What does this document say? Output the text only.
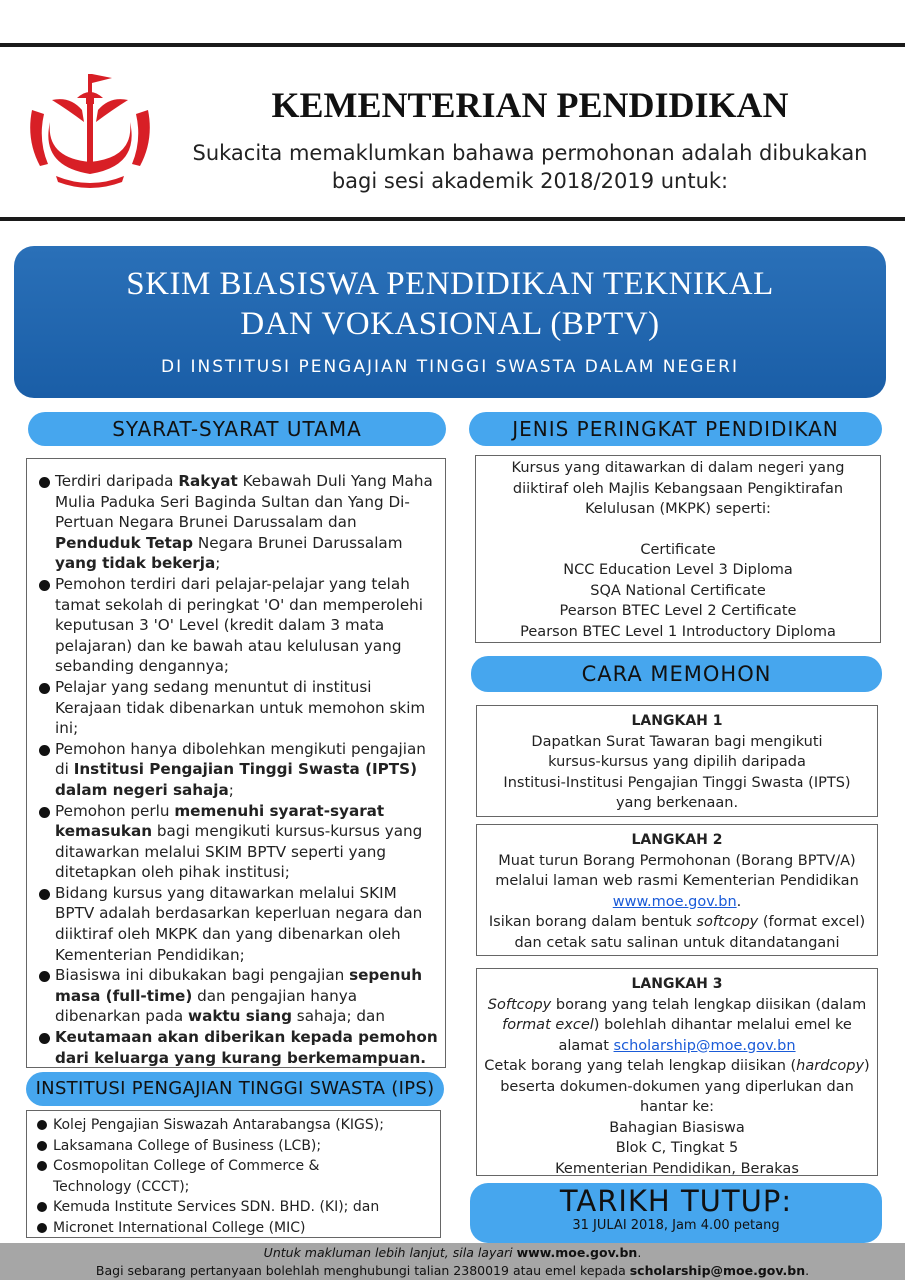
KEMENTERIAN PENDIDIKAN
Sukacita memaklumkan bahawa permohonan adalah dibukakan
bagi sesi akademik 2018/2019 untuk:
SKIM BIASISWA PENDIDIKAN TEKNIKAL
DAN VOKASIONAL (BPTV)
DI INSTITUSI PENGAJIAN TINGGI SWASTA DALAM NEGERI
SYARAT-SYARAT UTAMA
Terdiri daripada Rakyat Kebawah Duli Yang Maha Mulia Paduka Seri Baginda Sultan dan Yang Di-Pertuan Negara Brunei Darussalam dan Penduduk Tetap Negara Brunei Darussalam yang tidak bekerja;
Pemohon terdiri dari pelajar-pelajar yang telah tamat sekolah di peringkat 'O' dan memperolehi keputusan 3 'O' Level (kredit dalam 3 mata pelajaran) dan ke bawah atau kelulusan yang sebanding dengannya;
Pelajar yang sedang menuntut di institusi Kerajaan tidak dibenarkan untuk memohon skim ini;
Pemohon hanya dibolehkan mengikuti pengajian di Institusi Pengajian Tinggi Swasta (IPTS) dalam negeri sahaja;
Pemohon perlu memenuhi syarat-syarat kemasukan bagi mengikuti kursus-kursus yang ditawarkan melalui SKIM BPTV seperti yang ditetapkan oleh pihak institusi;
Bidang kursus yang ditawarkan melalui SKIM BPTV adalah berdasarkan keperluan negara dan diiktiraf oleh MKPK dan yang dibenarkan oleh Kementerian Pendidikan;
Biasiswa ini dibukakan bagi pengajian sepenuh masa (full-time) dan pengajian hanya dibenarkan pada waktu siang sahaja; dan
Keutamaan akan diberikan kepada pemohon dari keluarga yang kurang berkemampuan.
JENIS PERINGKAT PENDIDIKAN
Kursus yang ditawarkan di dalam negeri yang
diiktiraf oleh Majlis Kebangsaan Pengiktirafan
Kelulusan (MKPK) seperti:
Certificate
NCC Education Level 3 Diploma
SQA National Certificate
Pearson BTEC Level 2 Certificate
Pearson BTEC Level 1 Introductory Diploma
CARA MEMOHON
LANGKAH 1
Dapatkan Surat Tawaran bagi mengikuti
kursus-kursus yang dipilih daripada
Institusi-Institusi Pengajian Tinggi Swasta (IPTS)
yang berkenaan.
LANGKAH 2
Muat turun Borang Permohonan (Borang BPTV/A)
melalui laman web rasmi Kementerian Pendidikan
www.moe.gov.bn.
Isikan borang dalam bentuk softcopy (format excel)
dan cetak satu salinan untuk ditandatangani
LANGKAH 3
Softcopy borang yang telah lengkap diisikan (dalam
format excel) bolehlah dihantar melalui emel ke
alamat scholarship@moe.gov.bn
Cetak borang yang telah lengkap diisikan (hardcopy)
beserta dokumen-dokumen yang diperlukan dan
hantar ke:
Bahagian Biasiswa
Blok C, Tingkat 5
Kementerian Pendidikan, Berakas
INSTITUSI PENGAJIAN TINGGI SWASTA (IPS)
Kolej Pengajian Siswazah Antarabangsa (KIGS);
Laksamana College of Business (LCB);
Cosmopolitan College of Commerce & Technology (CCCT);
Kemuda Institute Services SDN. BHD. (KI); dan
Micronet International College (MIC)
TARIKH TUTUP:
31 JULAI 2018, Jam 4.00 petang
Untuk makluman lebih lanjut, sila layari www.moe.gov.bn.
Bagi sebarang pertanyaan bolehlah menghubungi talian 2380019 atau emel kepada scholarship@moe.gov.bn.
